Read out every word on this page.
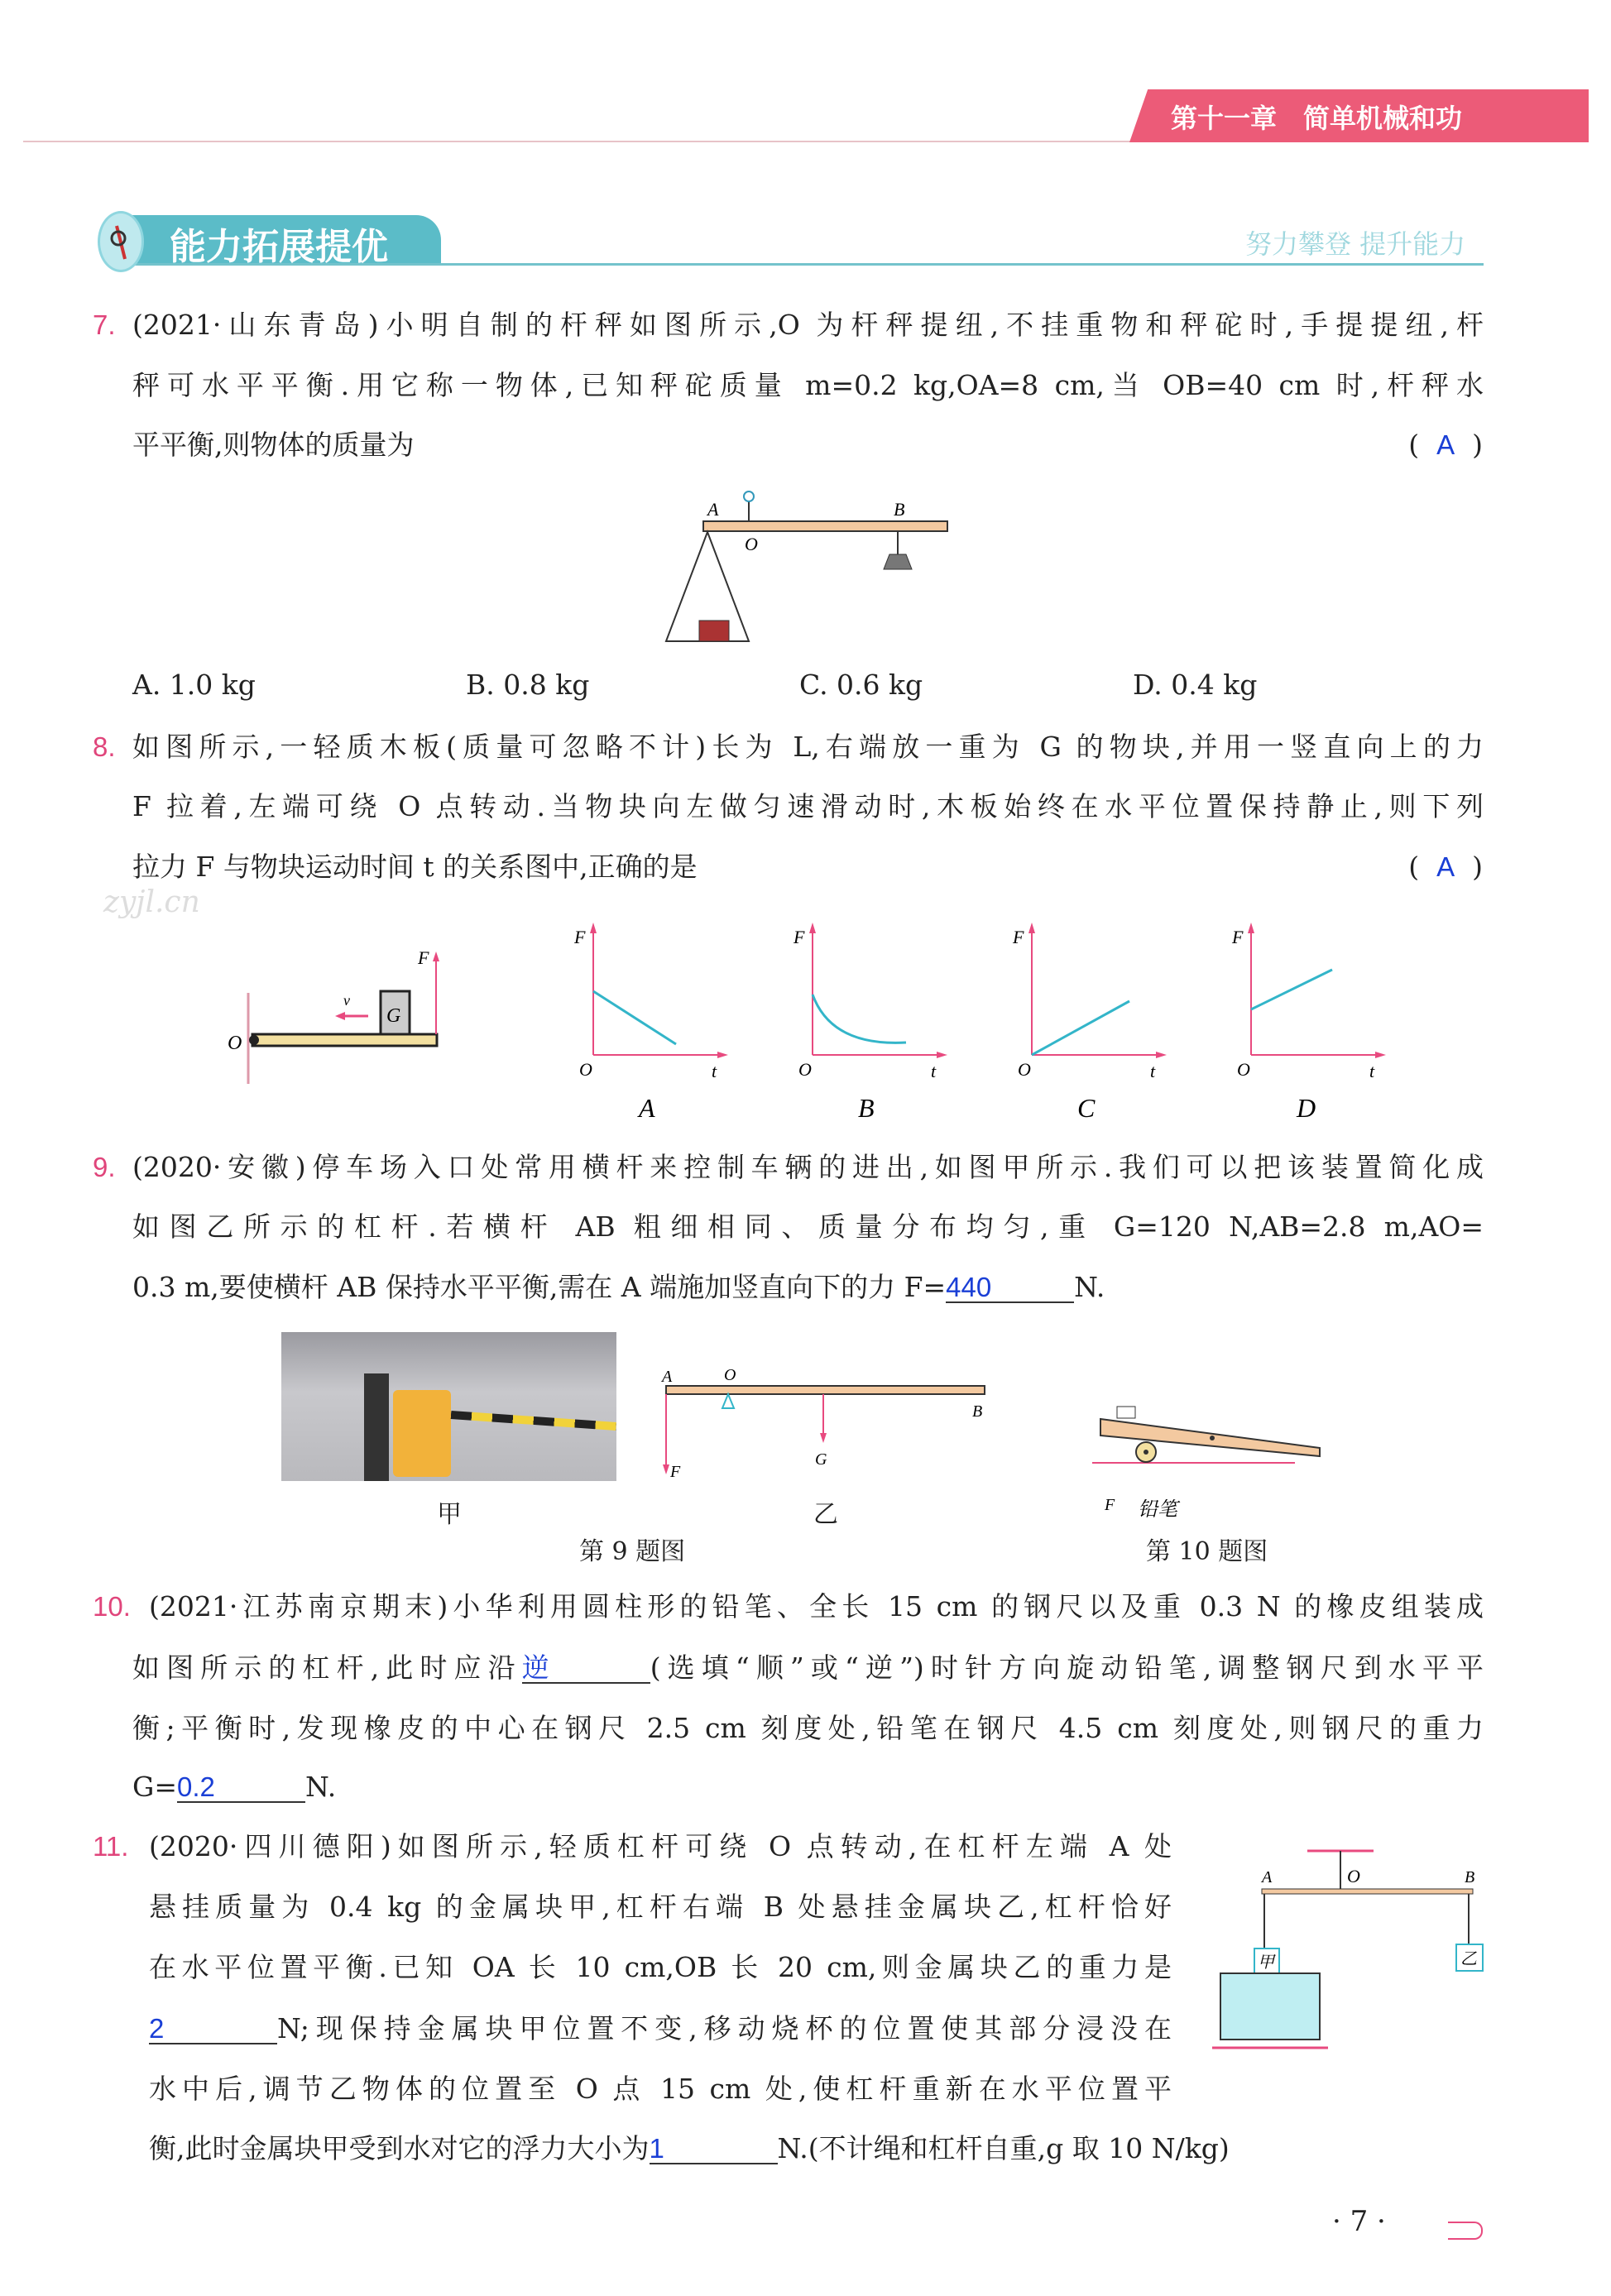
第十一章　简单机械和功
能力拓展提优	努力攀登 提升能力
7. (2021·山东青岛)小明自制的杆秤如图所示,O 为杆秤提纽,不挂重物和秤砣时,手提提纽,杆
秤可水平平衡.用它称一物体,已知秤砣质量 m=0.2 kg,OA=8 cm,当 OB=40 cm 时,杆秤水
平平衡,则物体的质量为	( A )
A	B
O
A. 1.0 kg	B. 0.8 kg	C. 0.6 kg	D. 0.4 kg
zyjl.cn
8. 如图所示,一轻质木板(质量可忽略不计)长为 L,右端放一重为 G 的物块,并用一竖直向上的力
F 拉着,左端可绕 O 点转动.当物块向左做匀速滑动时,木板始终在水平位置保持静止,则下列
拉力 F 与物块运动时间 t 的关系图中,正确的是	( A )
O
G
v
F
F
O	t
A
F
O	t
B
F
O	t
C
F
O	t
D
9. (2020·安徽)停车场入口处常用横杆来控制车辆的进出,如图甲所示.我们可以把该装置简化成
如图乙所示的杠杆.若横杆 AB 粗细相同、质量分布均匀,重 G=120 N,AB=2.8 m,AO=
0.3 m,要使横杆 AB 保持水平平衡,需在 A 端施加竖直向下的力 F=440	N.
甲
A	O
B
G
F
乙
第 9 题图
F 铅笔
第 10 题图
10. (2021·江苏南京期末)小华利用圆柱形的铅笔、全长 15 cm 的钢尺以及重 0.3 N 的橡皮组装成
如图所示的杠杆,此时应沿逆	(选填“顺”或“逆”)时针方向旋动铅笔,调整钢尺到水平平
衡;平衡时,发现橡皮的中心在钢尺 2.5 cm 刻度处,铅笔在钢尺 4.5 cm 刻度处,则钢尺的重力
G=0.2	N.
11. (2020·四川德阳)如图所示,轻质杠杆可绕 O 点转动,在杠杆左端 A 处
悬挂质量为 0.4 kg 的金属块甲,杠杆右端 B 处悬挂金属块乙,杠杆恰好
在水平位置平衡.已知 OA 长 10 cm,OB 长 20 cm,则金属块乙的重力是
2	N;现保持金属块甲位置不变,移动烧杯的位置使其部分浸没在
水中后,调节乙物体的位置至 O 点 15 cm 处,使杠杆重新在水平位置平
衡,此时金属块甲受到水对它的浮力大小为1	N.(不计绳和杠杆自重,g 取 10 N/kg)
A	O	B
甲	乙
· 7 ·
